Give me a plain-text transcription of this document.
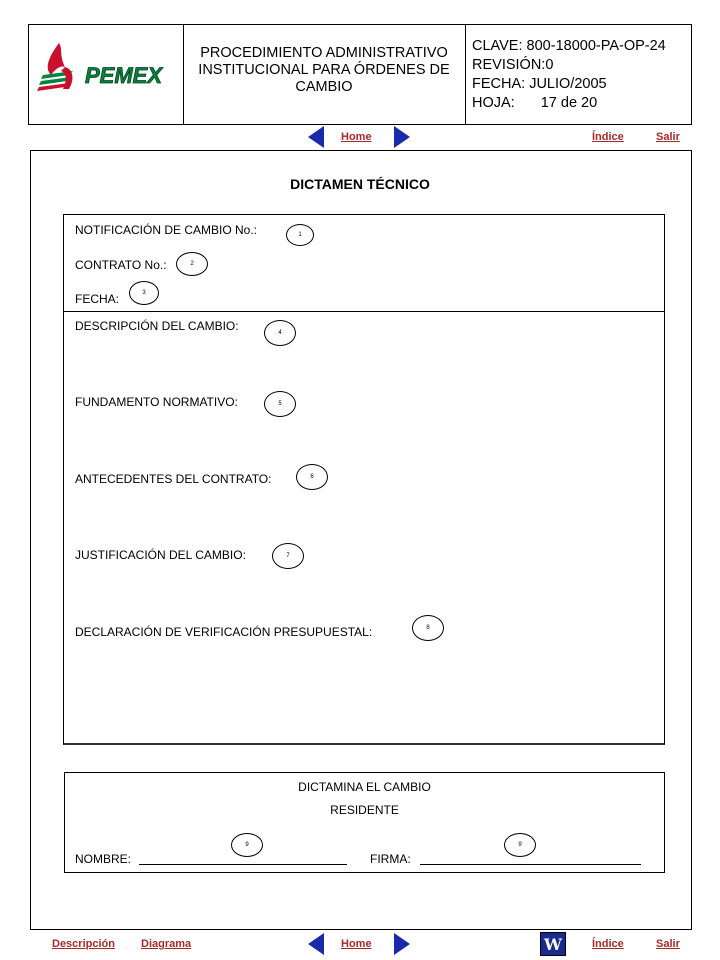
PEMEX
PROCEDIMIENTO ADMINISTRATIVO INSTITUCIONAL PARA ÓRDENES DE CAMBIO
CLAVE: 800-18000-PA-OP-24
REVISIÓN:0
FECHA: JULIO/2005
HOJA: 17 de 20
Home	Índice	Salir
DICTAMEN TÉCNICO
NOTIFICACIÓN DE CAMBIO No.:	1
CONTRATO No.:	2
FECHA:	3
DESCRIPCIÓN DEL CAMBIO:	4
FUNDAMENTO NORMATIVO:	5
ANTECEDENTES DEL CONTRATO:	6
JUSTIFICACIÓN DEL CAMBIO:	7
DECLARACIÓN DE VERIFICACIÓN PRESUPUESTAL:	8
DICTAMINA EL CAMBIO
RESIDENTE
9	9
NOMBRE:	FIRMA:
Descripción Diagrama	Home	W	Índice	Salir
